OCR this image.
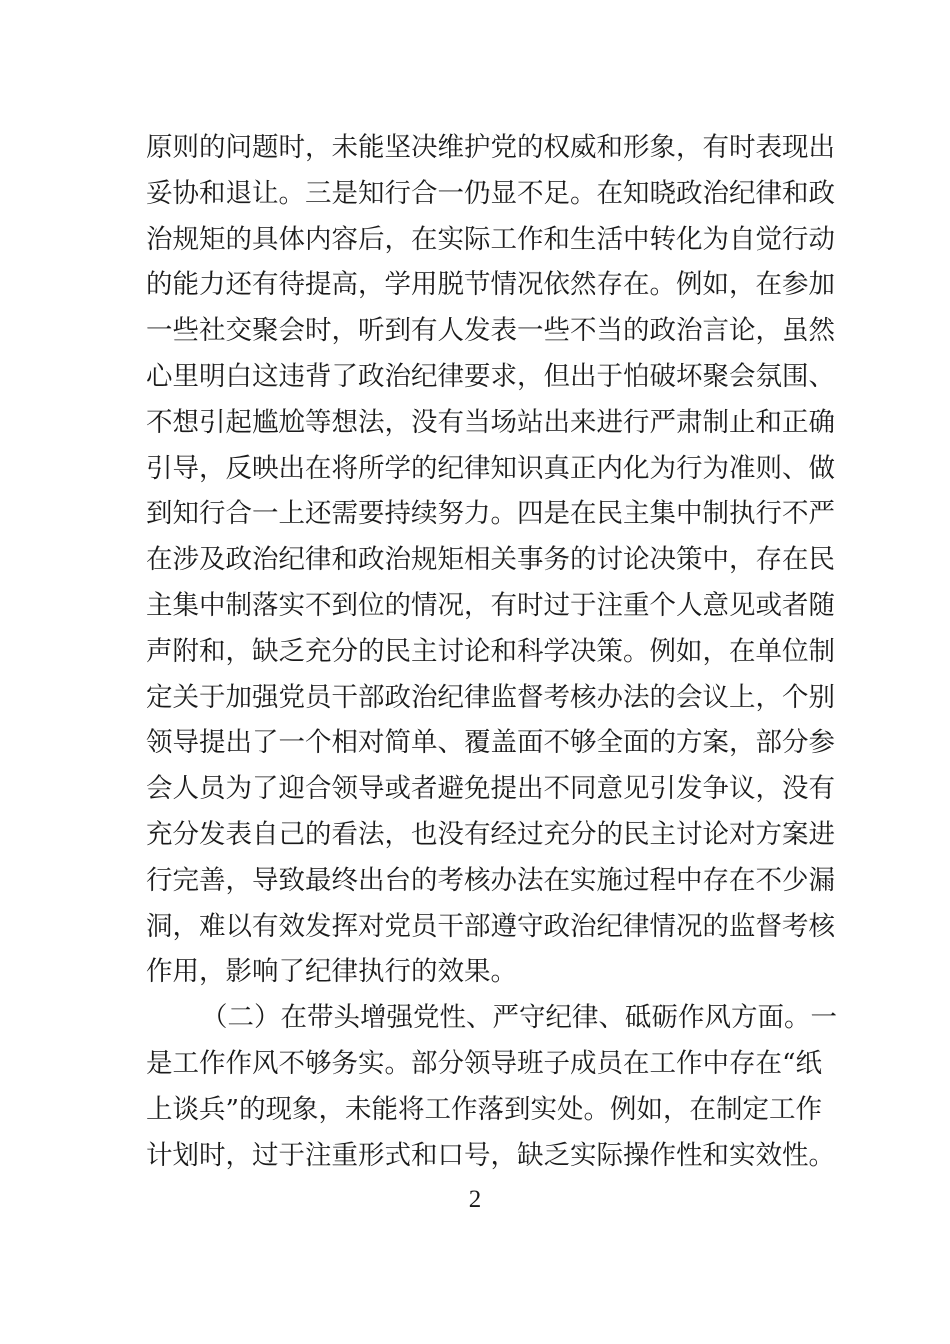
原则的问题时，未能坚决维护党的权威和形象，有时表现出
妥协和退让。三是知行合一仍显不足。在知晓政治纪律和政
治规矩的具体内容后，在实际工作和生活中转化为自觉行动
的能力还有待提高，学用脱节情况依然存在。例如，在参加
一些社交聚会时，听到有人发表一些不当的政治言论，虽然
心里明白这违背了政治纪律要求，但出于怕破坏聚会氛围、
不想引起尴尬等想法，没有当场站出来进行严肃制止和正确
引导，反映出在将所学的纪律知识真正内化为行为准则、做
到知行合一上还需要持续努力。四是在民主集中制执行不严
在涉及政治纪律和政治规矩相关事务的讨论决策中，存在民
主集中制落实不到位的情况，有时过于注重个人意见或者随
声附和，缺乏充分的民主讨论和科学决策。例如，在单位制
定关于加强党员干部政治纪律监督考核办法的会议上，个别
领导提出了一个相对简单、覆盖面不够全面的方案，部分参
会人员为了迎合领导或者避免提出不同意见引发争议，没有
充分发表自己的看法，也没有经过充分的民主讨论对方案进
行完善，导致最终出台的考核办法在实施过程中存在不少漏
洞，难以有效发挥对党员干部遵守政治纪律情况的监督考核
作用，影响了纪律执行的效果。
（二）在带头增强党性、严守纪律、砥砺作风方面。一
是工作作风不够务实。部分领导班子成员在工作中存在“纸
上谈兵”的现象，未能将工作落到实处。例如，在制定工作
计划时，过于注重形式和口号，缺乏实际操作性和实效性。
2
